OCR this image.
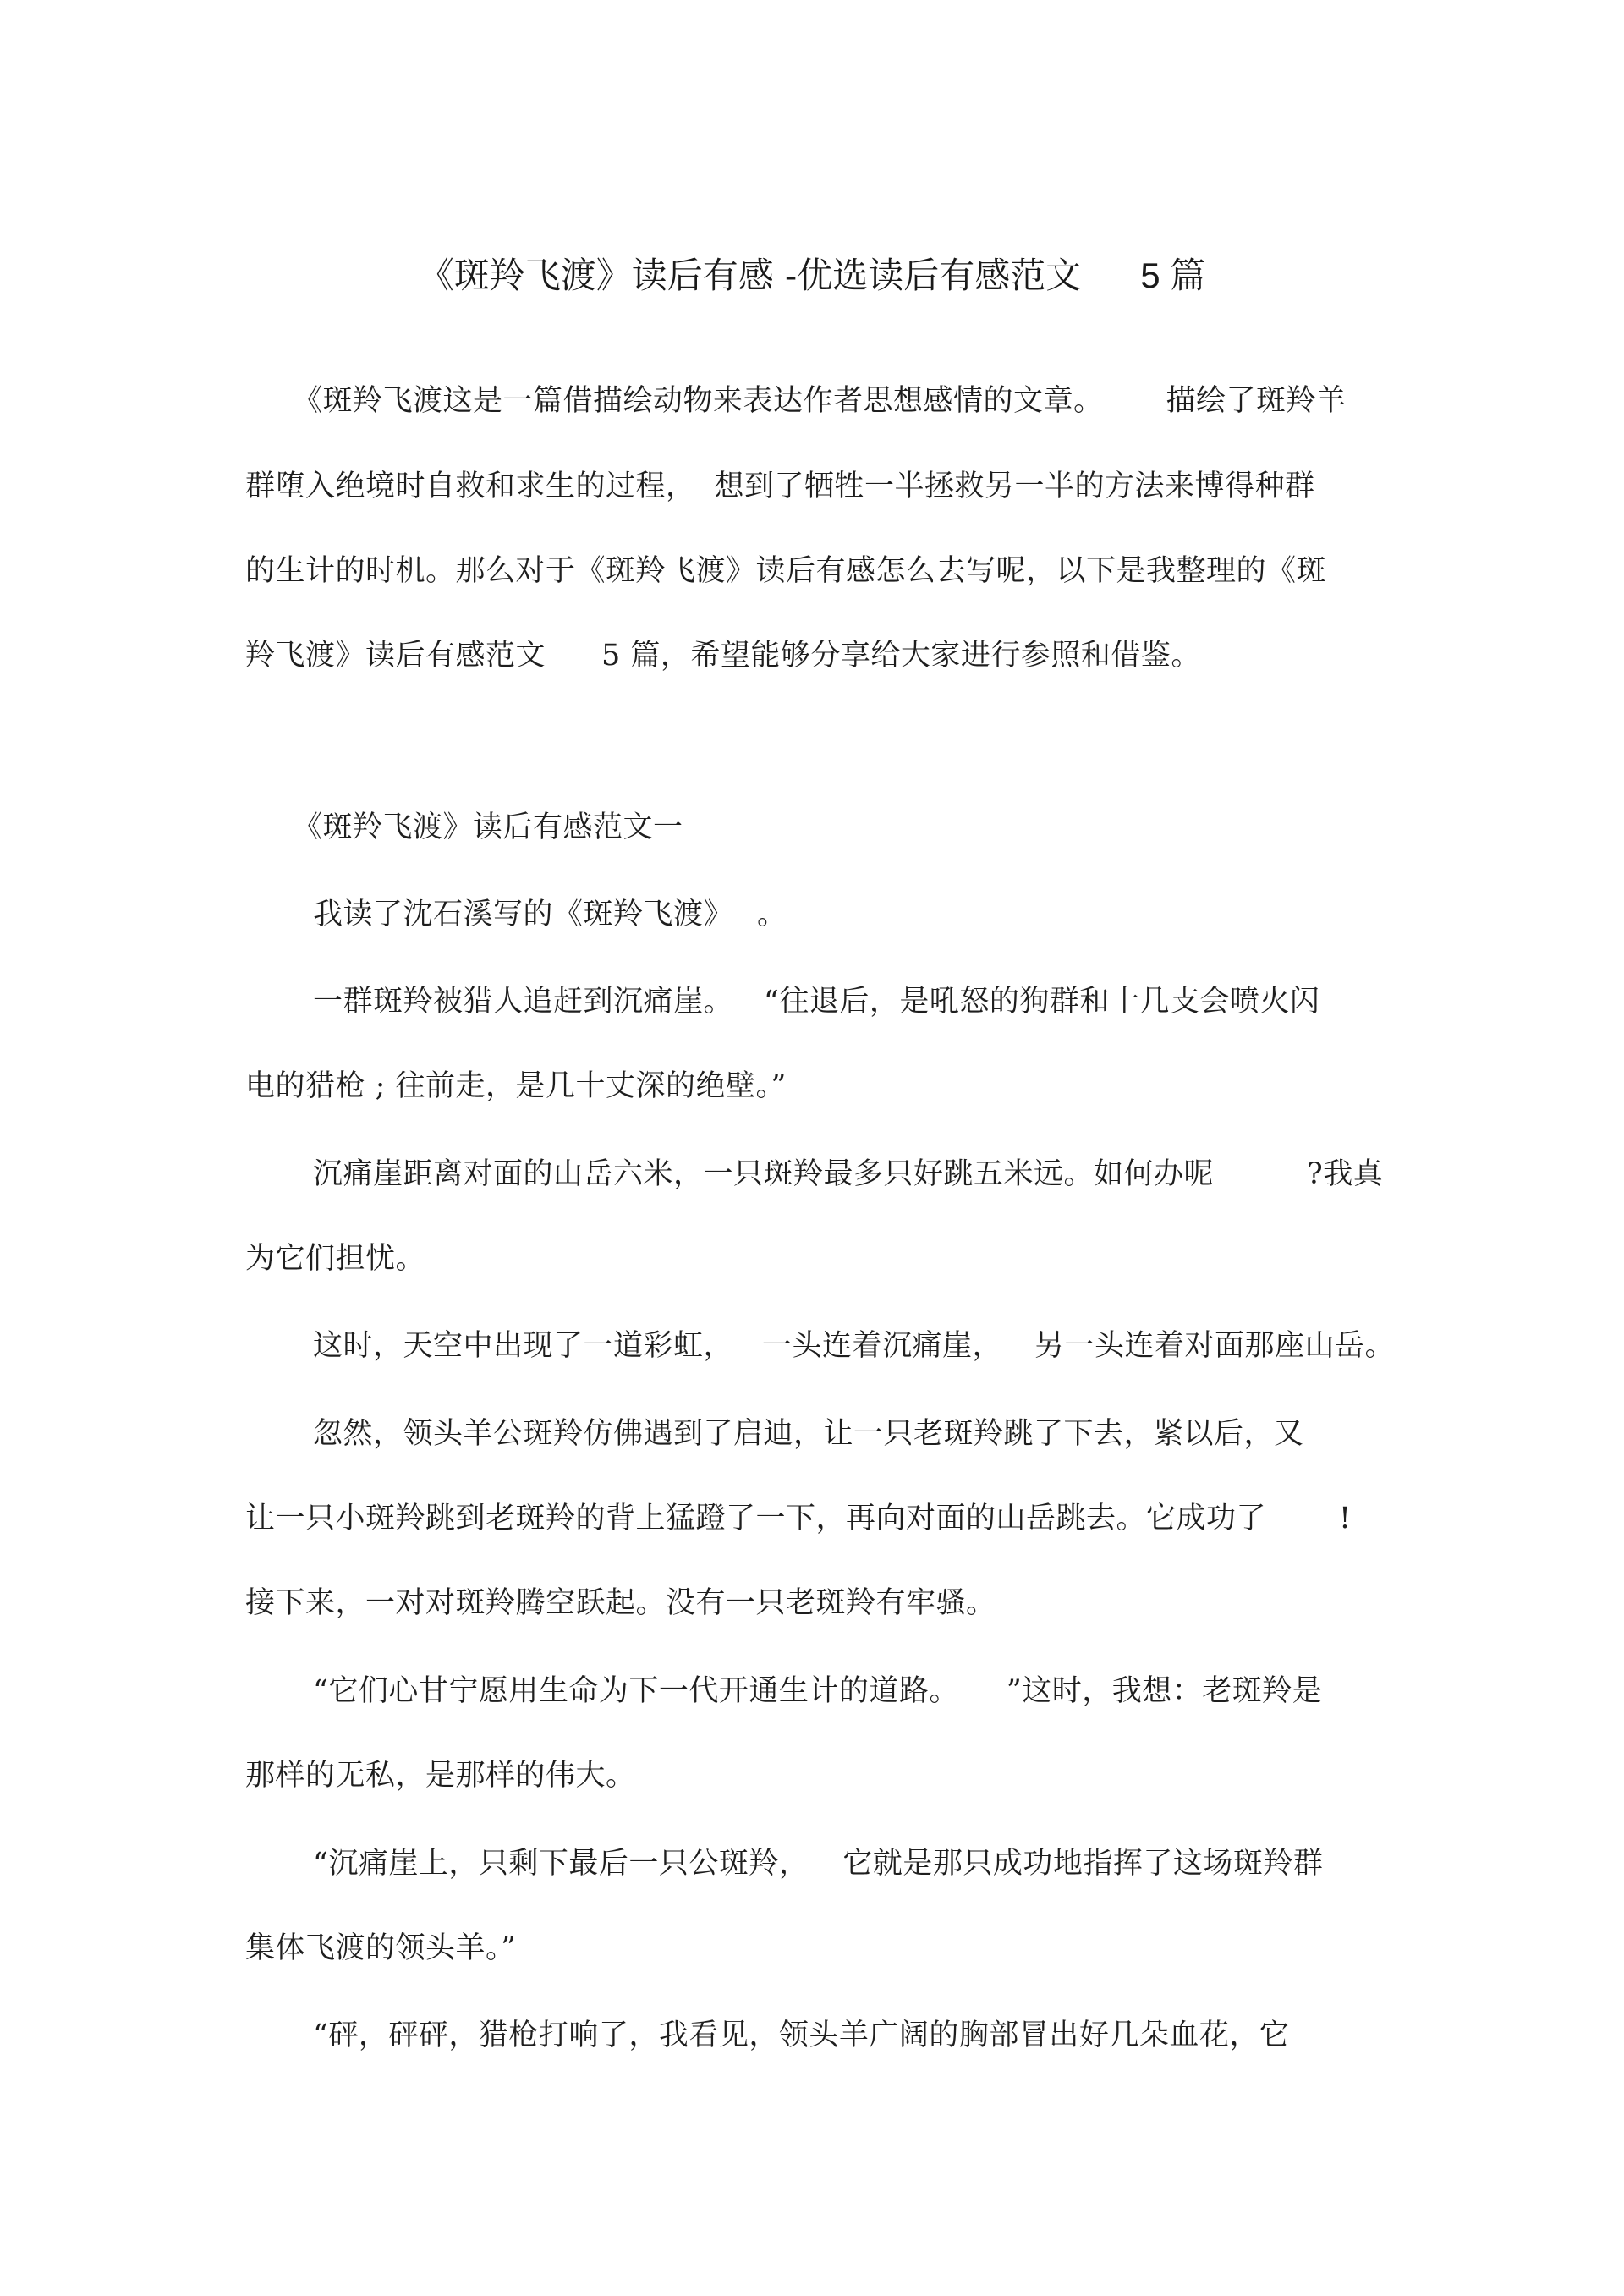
《斑羚飞渡》读后有感 -优选读后有感范文 5 篇
《斑羚飞渡这是一篇借描绘动物来表达作者思想感情的文章。 描绘了斑羚羊
群堕入绝境时自救和求生的过程， 想到了牺牲一半拯救另一半的方法来博得种群
的生计的时机。那么对于《斑羚飞渡》读后有感怎么去写呢，以下是我整理的《斑
羚飞渡》读后有感范文 5 篇，希望能够分享给大家进行参照和借鉴。
《斑羚飞渡》读后有感范文一
我读了沈石溪写的《斑羚飞渡》 。
一群斑羚被猎人追赶到沉痛崖。 “往退后，是吼怒的狗群和十几支会喷火闪
电的猎枪 ; 往前走，是几十丈深的绝壁。”
沉痛崖距离对面的山岳六米，一只斑羚最多只好跳五米远。如何办呢	?我真
为它们担忧。
这时，天空中出现了一道彩虹， 一头连着沉痛崖， 另一头连着对面那座山岳。
忽然，领头羊公斑羚仿佛遇到了启迪，让一只老斑羚跳了下去，紧以后，又
让一只小斑羚跳到老斑羚的背上猛蹬了一下，再向对面的山岳跳去。它成功了 !
接下来，一对对斑羚腾空跃起。没有一只老斑羚有牢骚。
“它们心甘宁愿用生命为下一代开通生计的道路。 ”这时，我想：老斑羚是
那样的无私，是那样的伟大。
“沉痛崖上，只剩下最后一只公斑羚， 它就是那只成功地指挥了这场斑羚群
集体飞渡的领头羊。”
“砰，砰砰，猎枪打响了，我看见，领头羊广阔的胸部冒出好几朵血花，它
